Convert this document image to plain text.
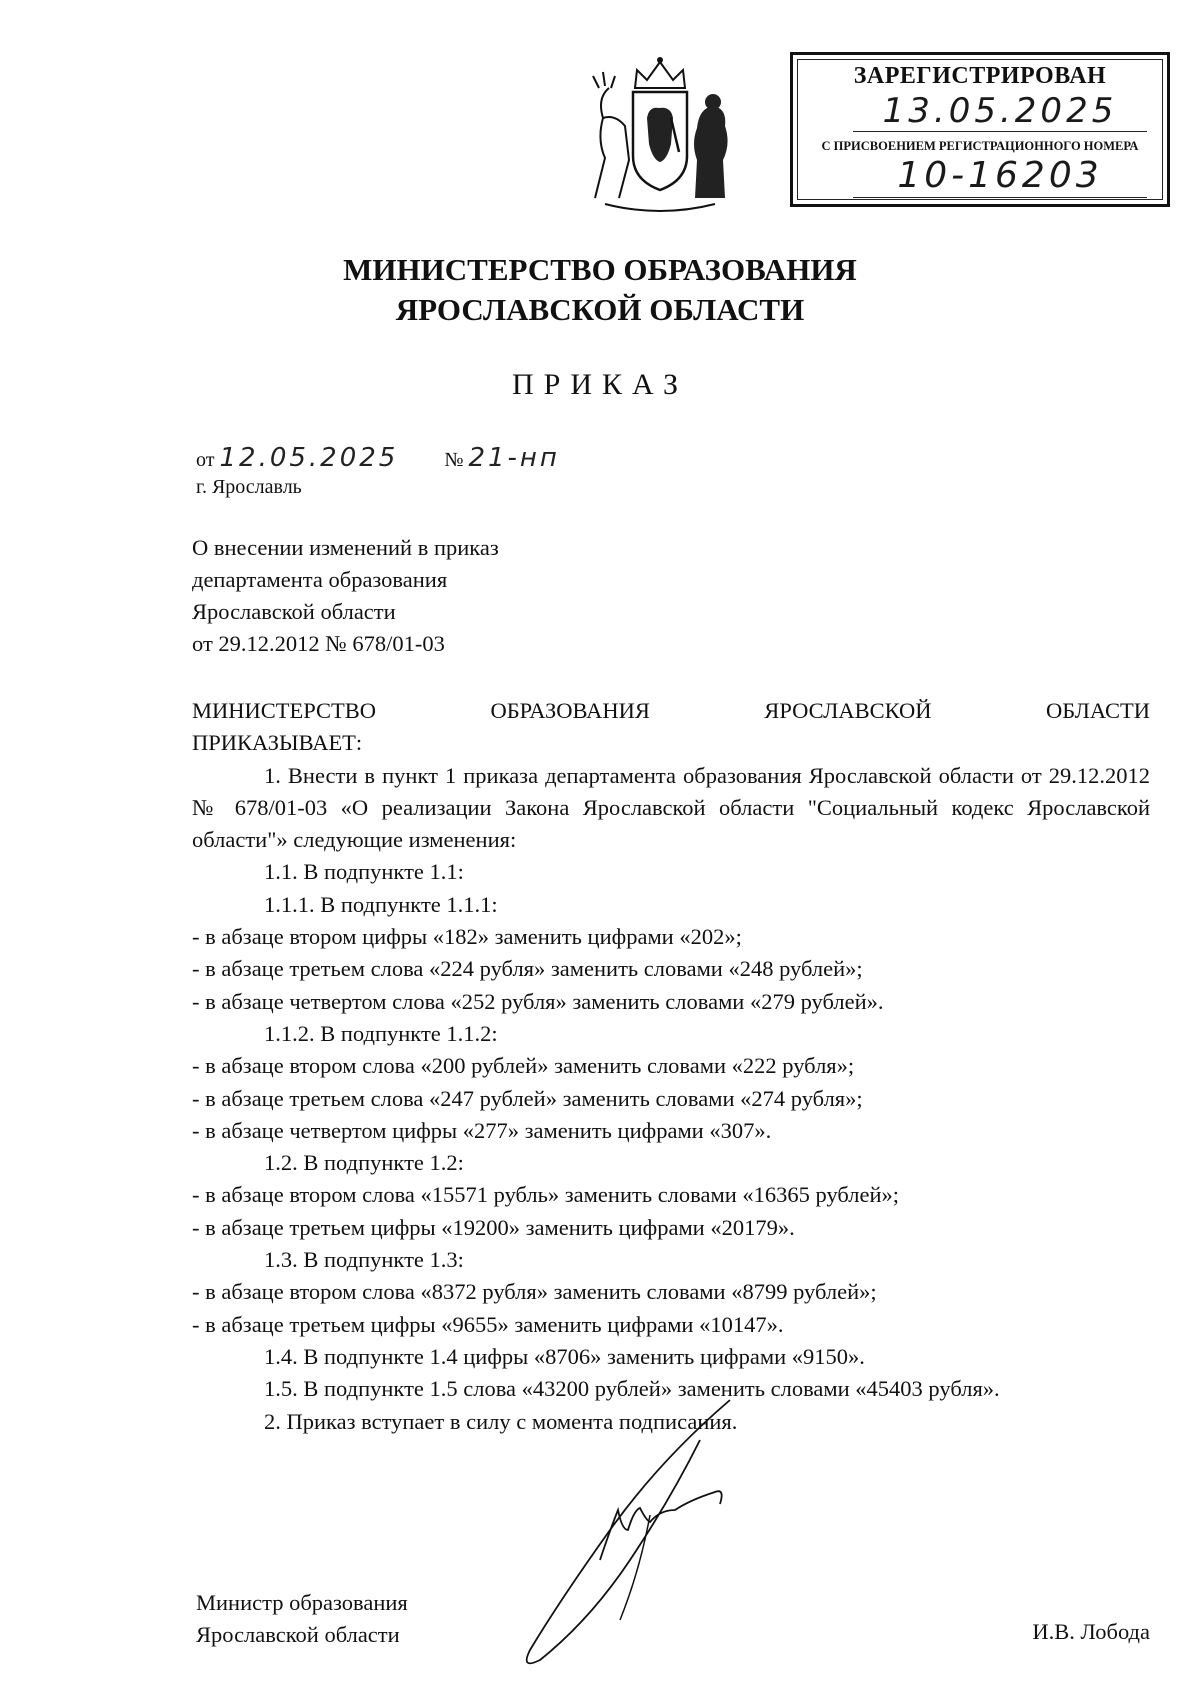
ЗАРЕГИСТРИРОВАН
13.05.2025
С ПРИСВОЕНИЕМ РЕГИСТРАЦИОННОГО НОМЕРА
10-16203
МИНИСТЕРСТВО ОБРАЗОВАНИЯ
ЯРОСЛАВСКОЙ ОБЛАСТИ
ПРИКАЗ
от 12.05.2025 № 21-нп
г. Ярославль
О внесении изменений в приказ
департамента образования
Ярославской области
от 29.12.2012 № 678/01-03

МИНИСТЕРСТВО ОБРАЗОВАНИЯ ЯРОСЛАВСКОЙ ОБЛАСТИ

ПРИКАЗЫВАЕТ:

1. Внести в пункт 1 приказа департамента образования Ярославской области от 29.12.2012 № 678/01-03 «О реализации Закона Ярославской области "Социальный кодекс Ярославской области"» следующие изменения:

1.1. В подпункте 1.1:

1.1.1. В подпункте 1.1.1:

- в абзаце втором цифры «182» заменить цифрами «202»;

- в абзаце третьем слова «224 рубля» заменить словами «248 рублей»;

- в абзаце четвертом слова «252 рубля» заменить словами «279 рублей».

1.1.2. В подпункте 1.1.2:

- в абзаце втором слова «200 рублей» заменить словами «222 рубля»;

- в абзаце третьем слова «247 рублей» заменить словами «274 рубля»;

- в абзаце четвертом цифры «277» заменить цифрами «307».

1.2. В подпункте 1.2:

- в абзаце втором слова «15571 рубль» заменить словами «16365 рублей»;

- в абзаце третьем цифры «19200» заменить цифрами «20179».

1.3. В подпункте 1.3:

- в абзаце втором слова «8372 рубля» заменить словами «8799 рублей»;

- в абзаце третьем цифры «9655» заменить цифрами «10147».

1.4. В подпункте 1.4 цифры «8706» заменить цифрами «9150».

1.5. В подпункте 1.5 слова «43200 рублей» заменить словами «45403 рубля».

2. Приказ вступает в силу с момента подписания.

Министр образования
Ярославской области	И.В. Лобода
